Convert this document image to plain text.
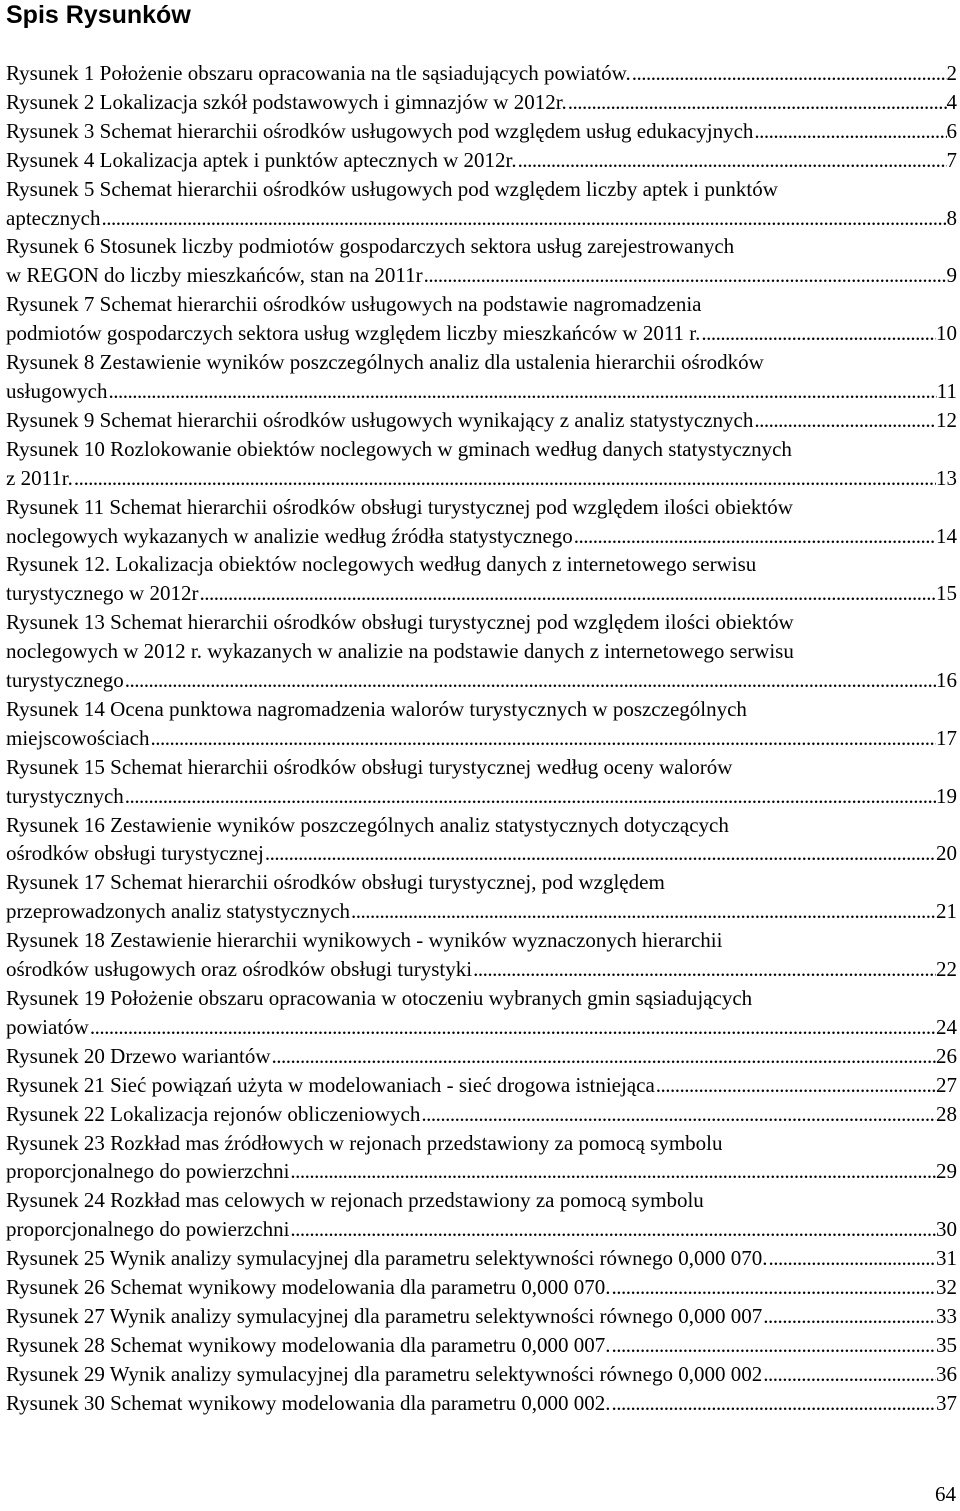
Spis Rysunków
Rysunek 1 Położenie obszaru opracowania na tle sąsiadujących powiatów. .....	2
Rysunek 2 Lokalizacja szkół podstawowych i gimnazjów w 2012r. .....	4
Rysunek 3 Schemat hierarchii ośrodków usługowych pod względem usług edukacyjnych .....	6
Rysunek 4 Lokalizacja aptek i punktów aptecznych w 2012r. .....	7
Rysunek 5 Schemat hierarchii ośrodków usługowych pod względem liczby aptek i punktów
aptecznych .....	8
Rysunek 6 Stosunek liczby podmiotów gospodarczych sektora usług zarejestrowanych
w REGON do liczby mieszkańców, stan na 2011r .....	9
Rysunek 7 Schemat hierarchii ośrodków usługowych na podstawie nagromadzenia
podmiotów gospodarczych sektora usług względem liczby mieszkańców w 2011 r. .....	10
Rysunek 8 Zestawienie wyników poszczególnych analiz dla ustalenia hierarchii ośrodków
usługowych .....	11
Rysunek 9 Schemat hierarchii ośrodków usługowych wynikający z analiz statystycznych .....	12
Rysunek 10 Rozlokowanie obiektów noclegowych w gminach według danych statystycznych
z 2011r. .....	13
Rysunek 11 Schemat hierarchii ośrodków obsługi turystycznej pod względem ilości obiektów
noclegowych wykazanych w analizie według źródła statystycznego .....	14
Rysunek 12. Lokalizacja obiektów noclegowych według danych z internetowego serwisu
turystycznego w 2012r .....	15
Rysunek 13 Schemat hierarchii ośrodków obsługi turystycznej pod względem ilości obiektów
noclegowych w 2012 r. wykazanych w analizie na podstawie danych z internetowego serwisu
turystycznego .....	16
Rysunek 14 Ocena punktowa nagromadzenia walorów turystycznych w poszczególnych
miejscowościach .....	17
Rysunek 15 Schemat hierarchii ośrodków obsługi turystycznej według oceny walorów
turystycznych .....	19
Rysunek 16 Zestawienie wyników poszczególnych analiz statystycznych dotyczących
ośrodków obsługi turystycznej .....	20
Rysunek 17 Schemat hierarchii ośrodków obsługi turystycznej, pod względem
przeprowadzonych analiz statystycznych .....	21
Rysunek 18 Zestawienie hierarchii wynikowych - wyników wyznaczonych hierarchii
ośrodków usługowych oraz ośrodków obsługi turystyki .....	22
Rysunek 19 Położenie obszaru opracowania w otoczeniu wybranych gmin sąsiadujących
powiatów .....	24
Rysunek 20 Drzewo wariantów .....	26
Rysunek 21 Sieć powiązań użyta w modelowaniach - sieć drogowa istniejąca .....	27
Rysunek 22 Lokalizacja rejonów obliczeniowych .....	28
Rysunek 23 Rozkład mas źródłowych w rejonach przedstawiony za pomocą symbolu
proporcjonalnego do powierzchni .....	29
Rysunek 24 Rozkład mas celowych w rejonach przedstawiony za pomocą symbolu
proporcjonalnego do powierzchni .....	30
Rysunek 25 Wynik analizy symulacyjnej dla parametru selektywności równego 0,000 070. .....	31
Rysunek 26 Schemat wynikowy modelowania dla parametru 0,000 070. .....	32
Rysunek 27 Wynik analizy symulacyjnej dla parametru selektywności równego 0,000 007 .....	33
Rysunek 28 Schemat wynikowy modelowania dla parametru 0,000 007. .....	35
Rysunek 29 Wynik analizy symulacyjnej dla parametru selektywności równego 0,000 002 .....	36
Rysunek 30 Schemat wynikowy modelowania dla parametru 0,000 002. .....	37
64
